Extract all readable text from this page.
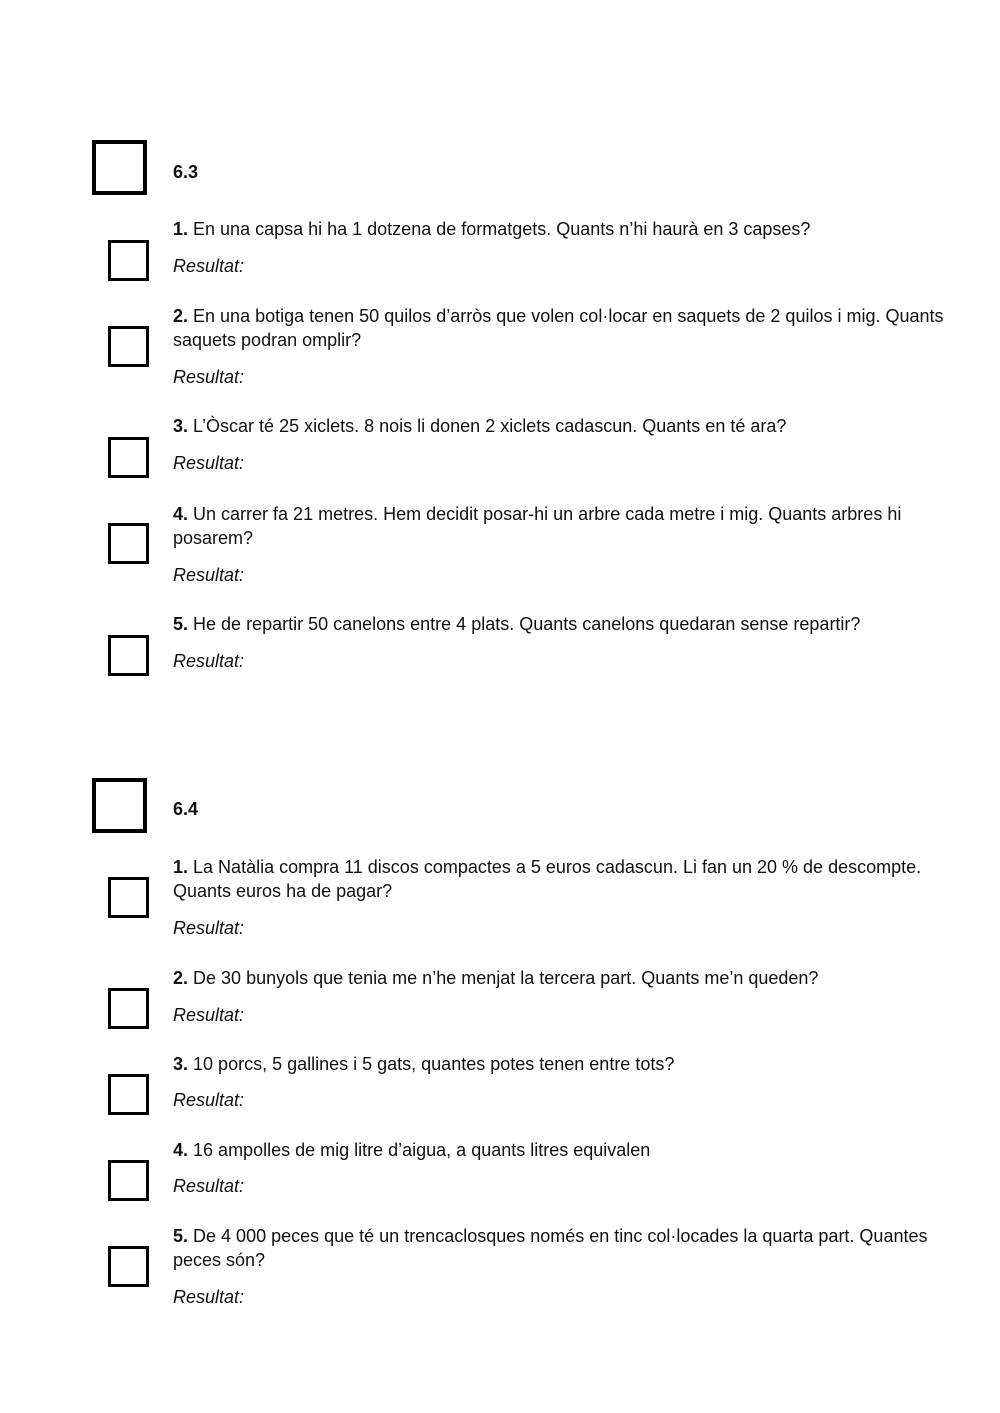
6.3
1. En una capsa hi ha 1 dotzena de formatgets. Quants n’hi haurà en 3 capses?
Resultat:
2. En una botiga tenen 50 quilos d’arròs que volen col·locar en saquets de 2 quilos i mig. Quants saquets podran omplir?
Resultat:
3. L’Òscar té 25 xiclets. 8 nois li donen 2 xiclets cadascun. Quants en té ara?
Resultat:
4. Un carrer fa 21 metres. Hem decidit posar‑hi un arbre cada metre i mig. Quants arbres hi posarem?
Resultat:
5. He de repartir 50 canelons entre 4 plats. Quants canelons quedaran sense repartir?
Resultat:
6.4
1. La Natàlia compra 11 discos compactes a 5 euros cadascun. Li fan un 20 % de descompte. Quants euros ha de pagar?
Resultat:
2. De 30 bunyols que tenia me n’he menjat la tercera part. Quants me’n queden?
Resultat:
3. 10 porcs, 5 gallines i 5 gats, quantes potes tenen entre tots?
Resultat:
4. 16 ampolles de mig litre d’aigua, a quants litres equivalen
Resultat:
5. De 4 000 peces que té un trencaclosques només en tinc col·locades la quarta part. Quantes peces són?
Resultat:
